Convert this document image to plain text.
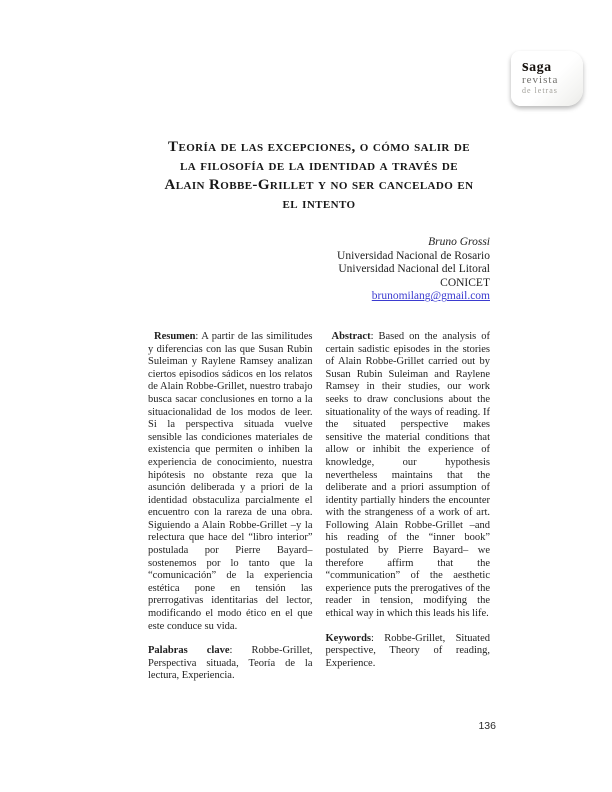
saga
revista
de letras
Teoría de las excepciones, o cómo salir de
la filosofía de la identidad a través de
Alain Robbe-Grillet y no ser cancelado en
el intento
Bruno Grossi
Universidad Nacional de Rosario
Universidad Nacional del Litoral
CONICET
brunomilang@gmail.com

Resumen: A partir de las similitudes y diferencias con las que Susan Rubin Suleiman y Raylene Ramsey analizan ciertos episodios sádicos en los relatos de Alain Robbe-Grillet, nuestro trabajo busca sacar conclusiones en torno a la situacionalidad de los modos de leer. Si la perspectiva situada vuelve sensible las condiciones materiales de existencia que permiten o inhiben la experiencia de conocimiento, nuestra hipótesis no obstante reza que la asunción deliberada y a priori de la identidad obstaculiza parcialmente el encuentro con la rareza de una obra. Siguiendo a Alain Robbe-Grillet –y la relectura que hace del “libro interior” postulada por Pierre Bayard– sostenemos por lo tanto que la “comunicación” de la experiencia estética pone en tensión las prerrogativas identitarias del lector, modificando el modo ético en el que este conduce su vida.

Palabras clave: Robbe-Grillet, Perspectiva situada, Teoría de la lectura, Experiencia.

Abstract: Based on the analysis of certain sadistic episodes in the stories of Alain Robbe-Grillet carried out by Susan Rubin Suleiman and Raylene Ramsey in their studies, our work seeks to draw conclusions about the situationality of the ways of reading. If the situated perspective makes sensitive the material conditions that allow or inhibit the experience of knowledge, our hypothesis nevertheless maintains that the deliberate and a priori assumption of identity partially hinders the encounter with the strangeness of a work of art. Following Alain Robbe-Grillet –and his reading of the “inner book” postulated by Pierre Bayard– we therefore affirm that the “communication” of the aesthetic experience puts the prerogatives of the reader in tension, modifying the ethical way in which this leads his life.

Keywords: Robbe-Grillet, Situated perspective, Theory of reading, Experience.

136
